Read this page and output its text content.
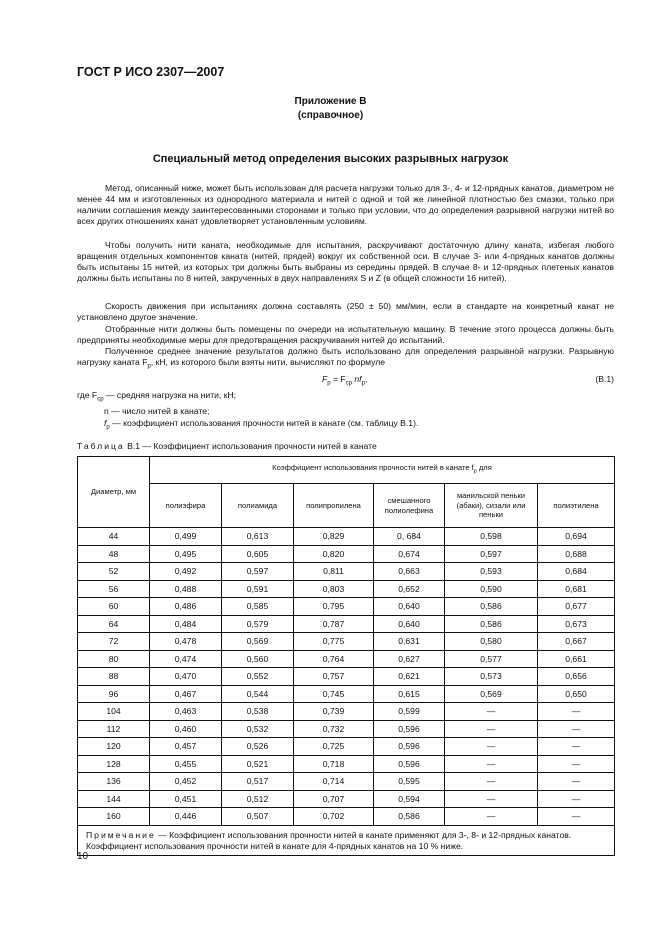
ГОСТ Р ИСО 2307—2007
Приложение В
(справочное)
Специальный метод определения высоких разрывных нагрузок
Метод, описанный ниже, может быть использован для расчета нагрузки только для 3-, 4- и 12-прядных канатов, диаметром не менее 44 мм и изготовленных из однородного материала и нитей с одной и той же линейной плотностью без смазки, только при наличии соглашения между заинтересованными сторонами и только при условии, что до определения разрывной нагрузки нитей во всех других отношениях канат удовлетворяет установленным условиям.
Чтобы получить нити каната, необходимые для испытания, раскручивают достаточную длину каната, избегая любого вращения отдельных компонентов каната (нитей, прядей) вокруг их собственной оси. В случае 3- или 4-прядных канатов должны быть испытаны 15 нитей, из которых три должны быть выбраны из середины прядей. В случае 8- и 12-прядных плетеных канатов должны быть испытаны по 8 нитей, закрученных в двух направлениях S и Z (в общей сложности 16 нитей).
Скорость движения при испытаниях должна составлять (250 ± 50) мм/мин, если в стандарте на конкретный канат не установлено другое значение.
Отобранные нити должны быть помещены по очереди на испытательную машину. В течение этого процесса должны быть предприняты необходимые меры для предотвращения раскручивания нитей до испытаний.
Полученное среднее значение результатов должно быть использовано для определения разрывной нагрузки. Разрывную нагрузку каната $F_р$, кН, из которого были взяты нити, вычисляют по формуле
$F_р = F_{ср}$ $nf_р$,	(B.1)
где $F_{ср}$ — средняя нагрузка на нити, кН;
n — число нитей в канате;
$f_р$ — коэффициент использования прочности нитей в канате (см. таблицу В.1).
Таблица В.1 — Коэффициент использования прочности нитей в канате
Диаметр, мм	Коэффициент использования прочности нитей в канате $f_р$ для					
	полиэфира	полиамида	полипропилена	смешанного полиолефина	манильской пеньки (абаки), сизали или пеньки	полиэтилена
44	0,499	0,613	0,829	0, 684	0,598	0,694
48	0,495	0,605	0,820	0,674	0,597	0,688
52	0,492	0,597	0,811	0,663	0,593	0,684
56	0,488	0,591	0,803	0,652	0,590	0,681
60	0,486	0,585	0,795	0,640	0,586	0,677
64	0,484	0,579	0,787	0,640	0,586	0,673
72	0,478	0,569	0,775	0,631	0,580	0,667
80	0,474	0,560	0,764	0,627	0,577	0,661
88	0,470	0,552	0,757	0,621	0,573	0,656
96	0,467	0,544	0,745	0,615	0,569	0,650
104	0,463	0,538	0,739	0,599	—	—
112	0,460	0,532	0,732	0,596	—	—
120	0,457	0,526	0,725	0,596	—	—
128	0,455	0,521	0,718	0,596	—	—
136	0,452	0,517	0,714	0,595	—	—
144	0,451	0,512	0,707	0,594	—	—
160	0,446	0,507	0,702	0,586	—	—
Примечание — Коэффициент использования прочности нитей в канате применяют для 3-, 8- и 12-прядных канатов. Коэффициент использования прочности нитей в канате для 4-прядных канатов на 10 % ниже.						
10
